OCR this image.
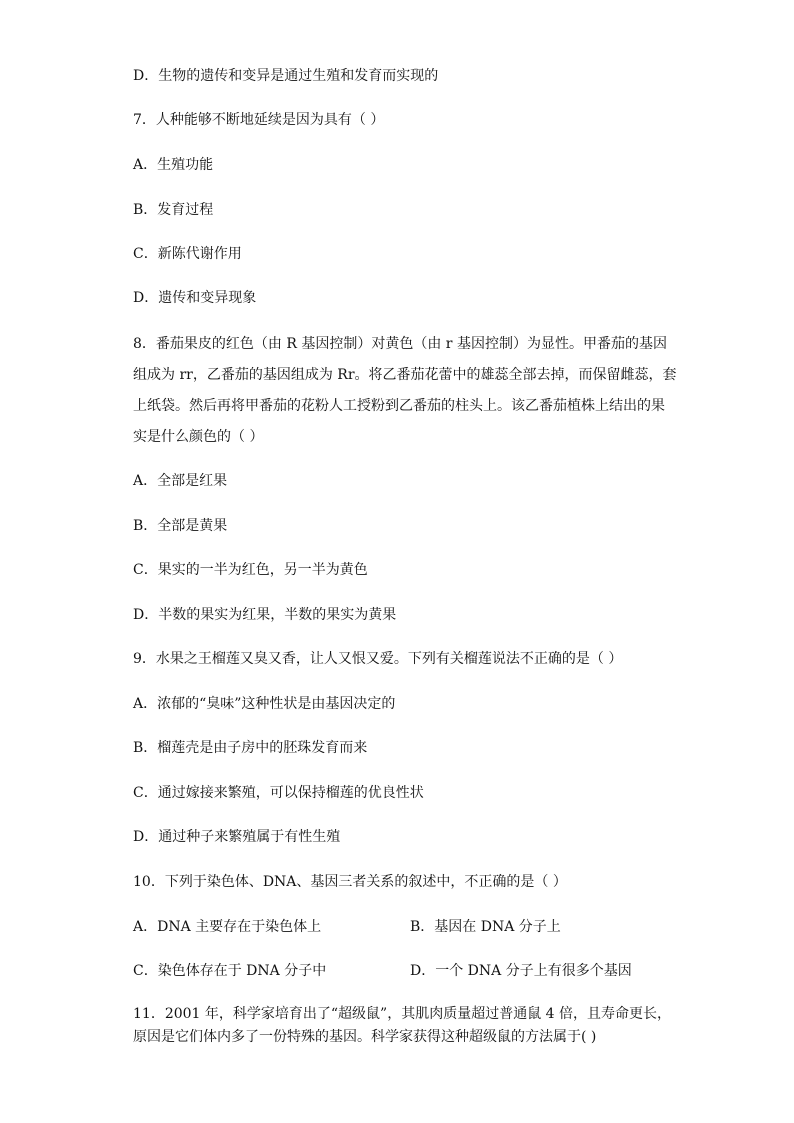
D．生物的遗传和变异是通过生殖和发育而实现的
7．人种能够不断地延续是因为具有（ ）
A．生殖功能
B．发育过程
C．新陈代谢作用
D．遗传和变异现象
8．番茄果皮的红色（由 R 基因控制）对黄色（由 r 基因控制）为显性。甲番茄的基因
组成为 rr，乙番茄的基因组成为 Rr。将乙番茄花蕾中的雄蕊全部去掉，而保留雌蕊，套
上纸袋。然后再将甲番茄的花粉人工授粉到乙番茄的柱头上。该乙番茄植株上结出的果
实是什么颜色的（ ）
A．全部是红果
B．全部是黄果
C．果实的一半为红色，另一半为黄色
D．半数的果实为红果，半数的果实为黄果
9．水果之王榴莲又臭又香，让人又恨又爱。下列有关榴莲说法不正确的是（ ）
A．浓郁的“臭味”这种性状是由基因决定的
B．榴莲壳是由子房中的胚珠发育而来
C．通过嫁接来繁殖，可以保持榴莲的优良性状
D．通过种子来繁殖属于有性生殖
10．下列于染色体、DNA、基因三者关系的叙述中，不正确的是（ ）
A．DNA 主要存在于染色体上	B．基因在 DNA 分子上
C．染色体存在于 DNA 分子中	D．一个 DNA 分子上有很多个基因
11．2001 年，科学家培育出了“超级鼠”，其肌肉质量超过普通鼠 4 倍，且寿命更长，
原因是它们体内多了一份特殊的基因。科学家获得这种超级鼠的方法属于( )
